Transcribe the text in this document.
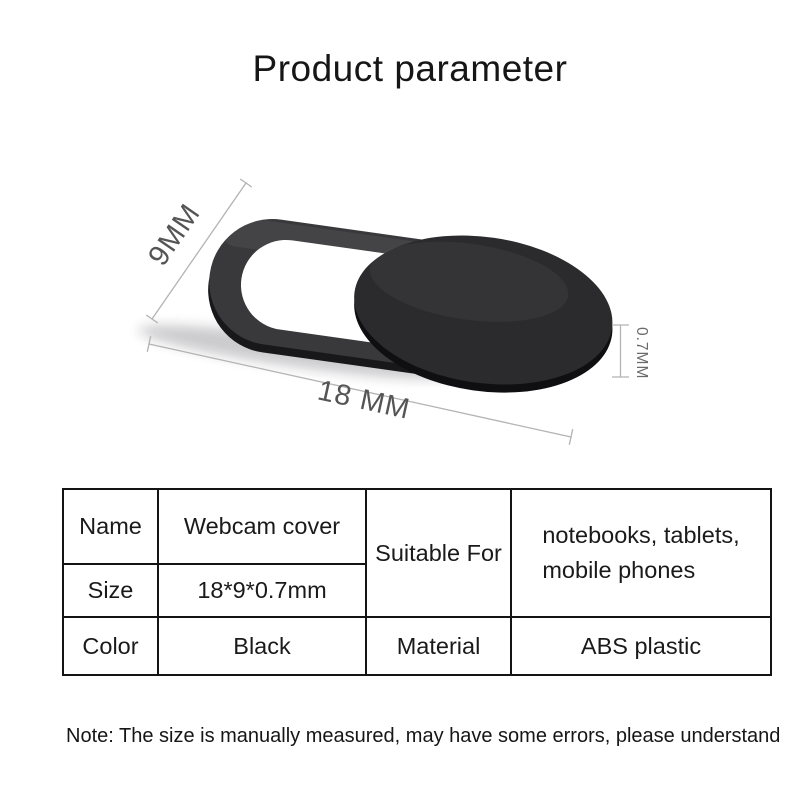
Product parameter
9MM
18 MM
0.7MM
Name	Webcam cover	Suitable For	notebooks, tablets,
mobile phones

Size	18*9*0.7mm		
Color	Black	Material	ABS plastic

Note: The size is manually measured, may have some errors, please understand
